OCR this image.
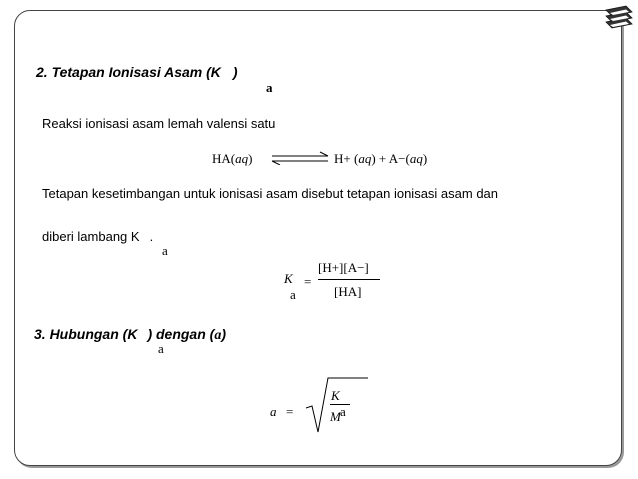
2. Tetapan Ionisasi Asam (K )
a
Reaksi ionisasi asam lemah valensi satu
HA(aq) ⇌ H+ (aq) + A−(aq)
Tetapan kesetimbangan untuk ionisasi asam disebut tetapan ionisasi asam dan
diberi lambang K .
a
K
a
=
[H+][A−]
[HA]
3. Hubungan (K ) dengan (a)
a
a =
K
M a
